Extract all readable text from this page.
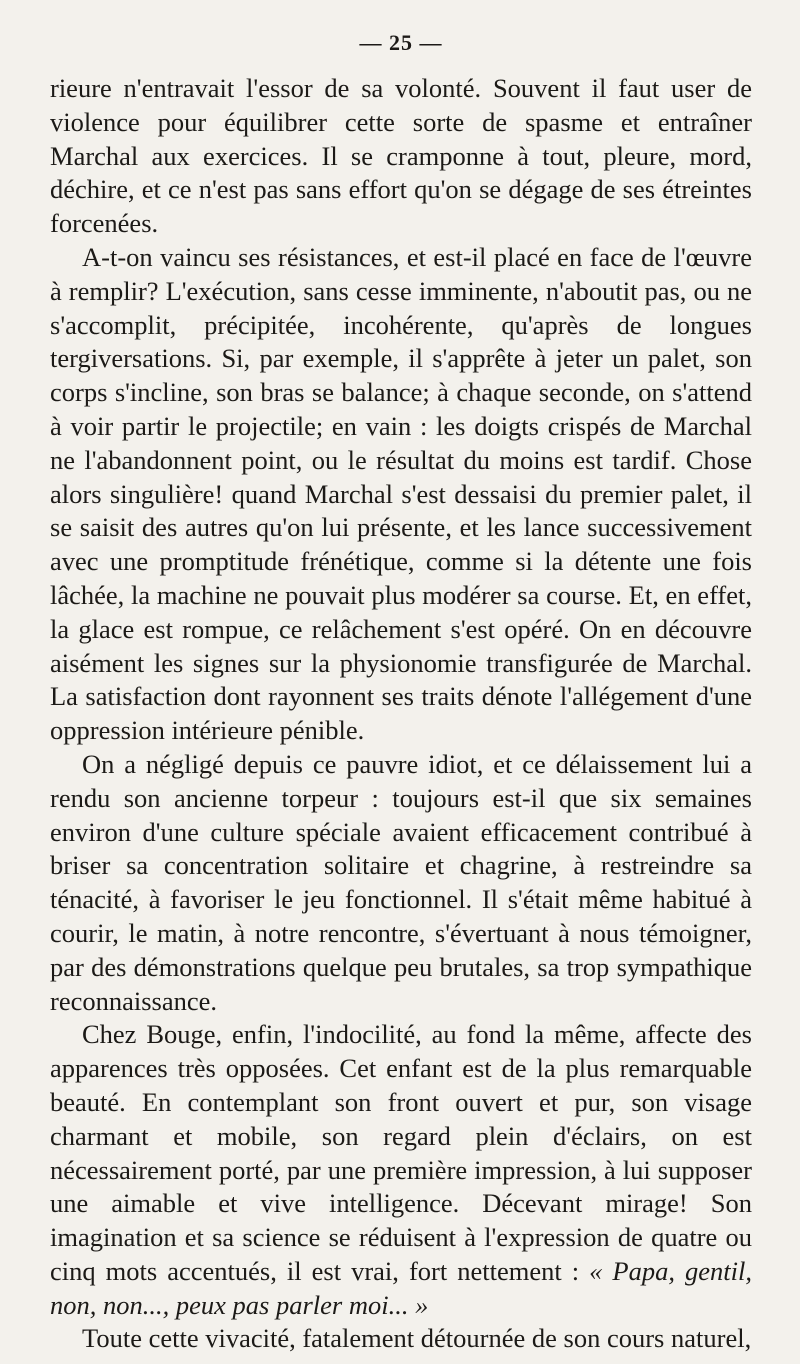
— 25 —

rieure n'entravait l'essor de sa volonté. Souvent il faut user de violence pour équilibrer cette sorte de spasme et entraîner Marchal aux exercices. Il se cramponne à tout, pleure, mord, déchire, et ce n'est pas sans effort qu'on se dégage de ses étreintes forcenées.

A-t-on vaincu ses résistances, et est-il placé en face de l'œuvre à remplir? L'exécution, sans cesse imminente, n'aboutit pas, ou ne s'accomplit, précipitée, incohérente, qu'après de longues tergiversations. Si, par exemple, il s'apprête à jeter un palet, son corps s'incline, son bras se balance; à chaque seconde, on s'attend à voir partir le projectile; en vain : les doigts crispés de Marchal ne l'abandonnent point, ou le résultat du moins est tardif. Chose alors singulière! quand Marchal s'est dessaisi du premier palet, il se saisit des autres qu'on lui présente, et les lance successivement avec une promptitude frénétique, comme si la détente une fois lâchée, la machine ne pouvait plus modérer sa course. Et, en effet, la glace est rompue, ce relâchement s'est opéré. On en découvre aisément les signes sur la physionomie transfigurée de Marchal. La satisfaction dont rayonnent ses traits dénote l'allégement d'une oppression intérieure pénible.

On a négligé depuis ce pauvre idiot, et ce délaissement lui a rendu son ancienne torpeur : toujours est-il que six semaines environ d'une culture spéciale avaient efficacement contribué à briser sa concentration solitaire et chagrine, à restreindre sa ténacité, à favoriser le jeu fonctionnel. Il s'était même habitué à courir, le matin, à notre rencontre, s'évertuant à nous témoigner, par des démonstrations quelque peu brutales, sa trop sympathique reconnaissance.

Chez Bouge, enfin, l'indocilité, au fond la même, affecte des apparences très opposées. Cet enfant est de la plus remarquable beauté. En contemplant son front ouvert et pur, son visage charmant et mobile, son regard plein d'éclairs, on est nécessairement porté, par une première impression, à lui supposer une aimable et vive intelligence. Décevant mirage! Son imagination et sa science se réduisent à l'expression de quatre ou cinq mots accentués, il est vrai, fort nettement : « Papa, gentil, non, non..., peux pas parler moi... »

Toute cette vivacité, fatalement détournée de son cours naturel,
